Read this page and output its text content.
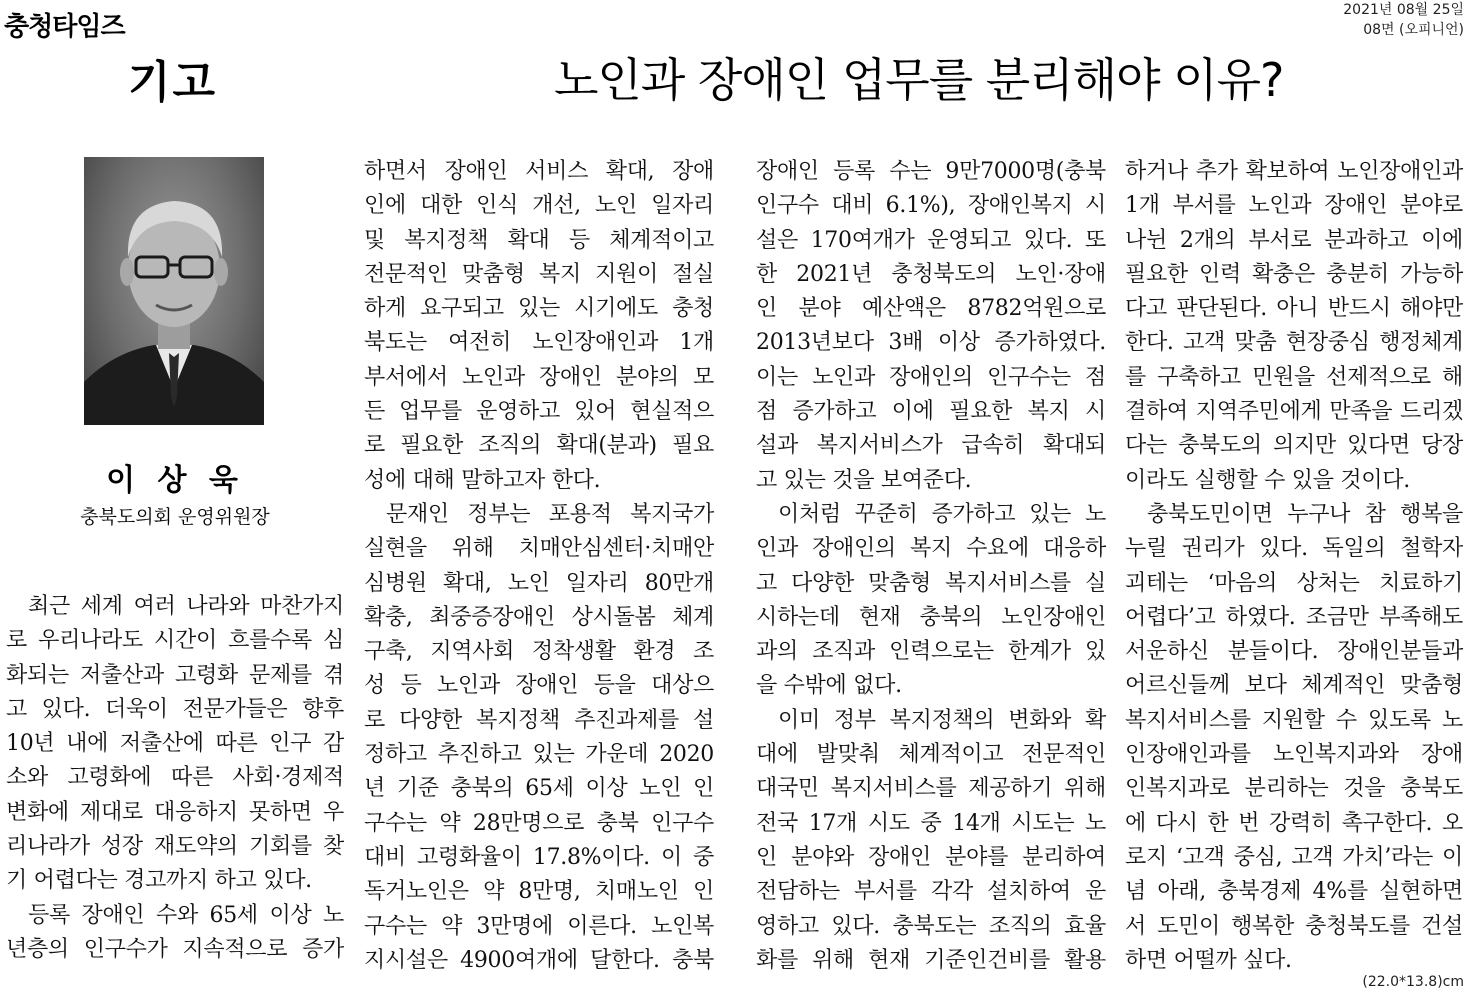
충청타임즈
2021년 08월 25일
08면 (오피니언)
기고	노인과 장애인 업무를 분리해야 이유?
이 상 욱
충북도의회 운영위원장
최근 세계 여러 나라와 마찬가지
로 우리나라도 시간이 흐를수록 심
화되는 저출산과 고령화 문제를 겪
고 있다. 더욱이 전문가들은 향후
10년 내에 저출산에 따른 인구 감
소와 고령화에 따른 사회·경제적
변화에 제대로 대응하지 못하면 우
리나라가 성장 재도약의 기회를 찾
기 어렵다는 경고까지 하고 있다.
등록 장애인 수와 65세 이상 노
년층의 인구수가 지속적으로 증가
하면서 장애인 서비스 확대, 장애
인에 대한 인식 개선, 노인 일자리
및 복지정책 확대 등 체계적이고
전문적인 맞춤형 복지 지원이 절실
하게 요구되고 있는 시기에도 충청
북도는 여전히 노인장애인과 1개
부서에서 노인과 장애인 분야의 모
든 업무를 운영하고 있어 현실적으
로 필요한 조직의 확대(분과) 필요
성에 대해 말하고자 한다.
문재인 정부는 포용적 복지국가
실현을 위해 치매안심센터·치매안
심병원 확대, 노인 일자리 80만개
확충, 최중증장애인 상시돌봄 체계
구축, 지역사회 정착생활 환경 조
성 등 노인과 장애인 등을 대상으
로 다양한 복지정책 추진과제를 설
정하고 추진하고 있는 가운데 2020
년 기준 충북의 65세 이상 노인 인
구수는 약 28만명으로 충북 인구수
대비 고령화율이 17.8%이다. 이 중
독거노인은 약 8만명, 치매노인 인
구수는 약 3만명에 이른다. 노인복
지시설은 4900여개에 달한다. 충북
장애인 등록 수는 9만7000명(충북
인구수 대비 6.1%), 장애인복지 시
설은 170여개가 운영되고 있다. 또
한 2021년 충청북도의 노인·장애
인 분야 예산액은 8782억원으로
2013년보다 3배 이상 증가하였다.
이는 노인과 장애인의 인구수는 점
점 증가하고 이에 필요한 복지 시
설과 복지서비스가 급속히 확대되
고 있는 것을 보여준다.
이처럼 꾸준히 증가하고 있는 노
인과 장애인의 복지 수요에 대응하
고 다양한 맞춤형 복지서비스를 실
시하는데 현재 충북의 노인장애인
과의 조직과 인력으로는 한계가 있
을 수밖에 없다.
이미 정부 복지정책의 변화와 확
대에 발맞춰 체계적이고 전문적인
대국민 복지서비스를 제공하기 위해
전국 17개 시도 중 14개 시도는 노
인 분야와 장애인 분야를 분리하여
전담하는 부서를 각각 설치하여 운
영하고 있다. 충북도는 조직의 효율
화를 위해 현재 기준인건비를 활용
하거나 추가 확보하여 노인장애인과
1개 부서를 노인과 장애인 분야로
나뉜 2개의 부서로 분과하고 이에
필요한 인력 확충은 충분히 가능하
다고 판단된다. 아니 반드시 해야만
한다. 고객 맞춤 현장중심 행정체계
를 구축하고 민원을 선제적으로 해
결하여 지역주민에게 만족을 드리겠
다는 충북도의 의지만 있다면 당장
이라도 실행할 수 있을 것이다.
충북도민이면 누구나 참 행복을
누릴 권리가 있다. 독일의 철학자
괴테는 ‘마음의 상처는 치료하기
어렵다’고 하였다. 조금만 부족해도
서운하신 분들이다. 장애인분들과
어르신들께 보다 체계적인 맞춤형
복지서비스를 지원할 수 있도록 노
인장애인과를 노인복지과와 장애
인복지과로 분리하는 것을 충북도
에 다시 한 번 강력히 촉구한다. 오
로지 ‘고객 중심, 고객 가치’라는 이
념 아래, 충북경제 4%를 실현하면
서 도민이 행복한 충청북도를 건설
하면 어떨까 싶다.
(22.0*13.8)cm
